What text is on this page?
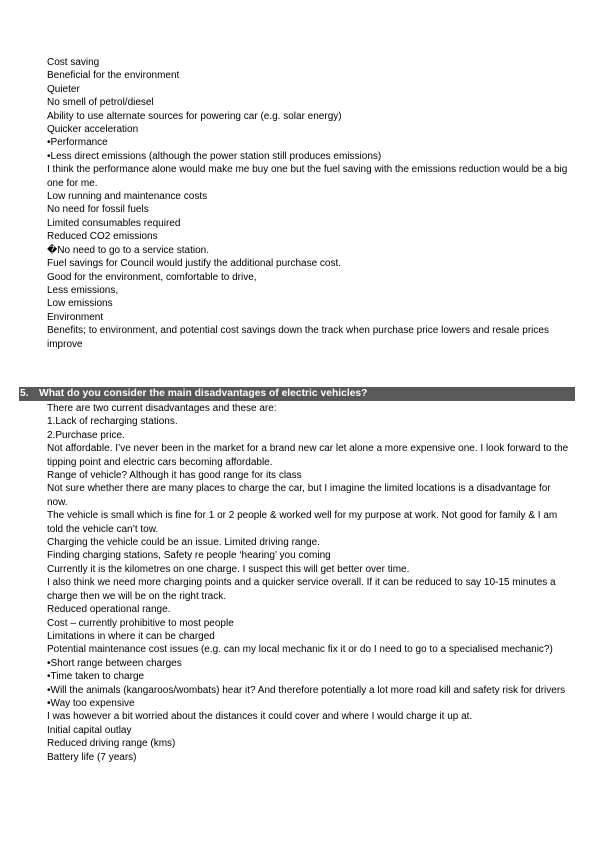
Cost saving
Beneficial for the environment
Quieter
No smell of petrol/diesel
Ability to use alternate sources for powering car (e.g. solar energy)
Quicker acceleration
•Performance
•Less direct emissions (although the power station still produces emissions)
I think the performance alone would make me buy one but the fuel saving with the emissions reduction would be a big one for me.
Low running and maintenance costs
No need for fossil fuels
Limited consumables required
Reduced CO2 emissions
�No need to go to a service station.
Fuel savings for Council would justify the additional purchase cost.
Good for the environment, comfortable to drive,
Less emissions,
Low emissions
Environment
Benefits; to environment, and potential cost savings down the track when purchase price lowers and resale prices improve
5. What do you consider the main disadvantages of electric vehicles?
There are two current disadvantages and these are:
1.Lack of recharging stations.
2.Purchase price.
Not affordable. I’ve never been in the market for a brand new car let alone a more expensive one. I look forward to the tipping point and electric cars becoming affordable.
Range of vehicle? Although it has good range for its class
Not sure whether there are many places to charge the car, but I imagine the limited locations is a disadvantage for now.
The vehicle is small which is fine for 1 or 2 people & worked well for my purpose at work. Not good for family & I am told the vehicle can’t tow.
Charging the vehicle could be an issue. Limited driving range.
Finding charging stations, Safety re people ‘hearing’ you coming
Currently it is the kilometres on one charge. I suspect this will get better over time.
I also think we need more charging points and a quicker service overall. If it can be reduced to say 10-15 minutes a charge then we will be on the right track.
Reduced operational range.
Cost – currently prohibitive to most people
Limitations in where it can be charged
Potential maintenance cost issues (e.g. can my local mechanic fix it or do I need to go to a specialised mechanic?)
•Short range between charges
•Time taken to charge
•Will the animals (kangaroos/wombats) hear it? And therefore potentially a lot more road kill and safety risk for drivers
•Way too expensive
I was however a bit worried about the distances it could cover and where I would charge it up at.
Initial capital outlay
Reduced driving range (kms)
Battery life (7 years)
